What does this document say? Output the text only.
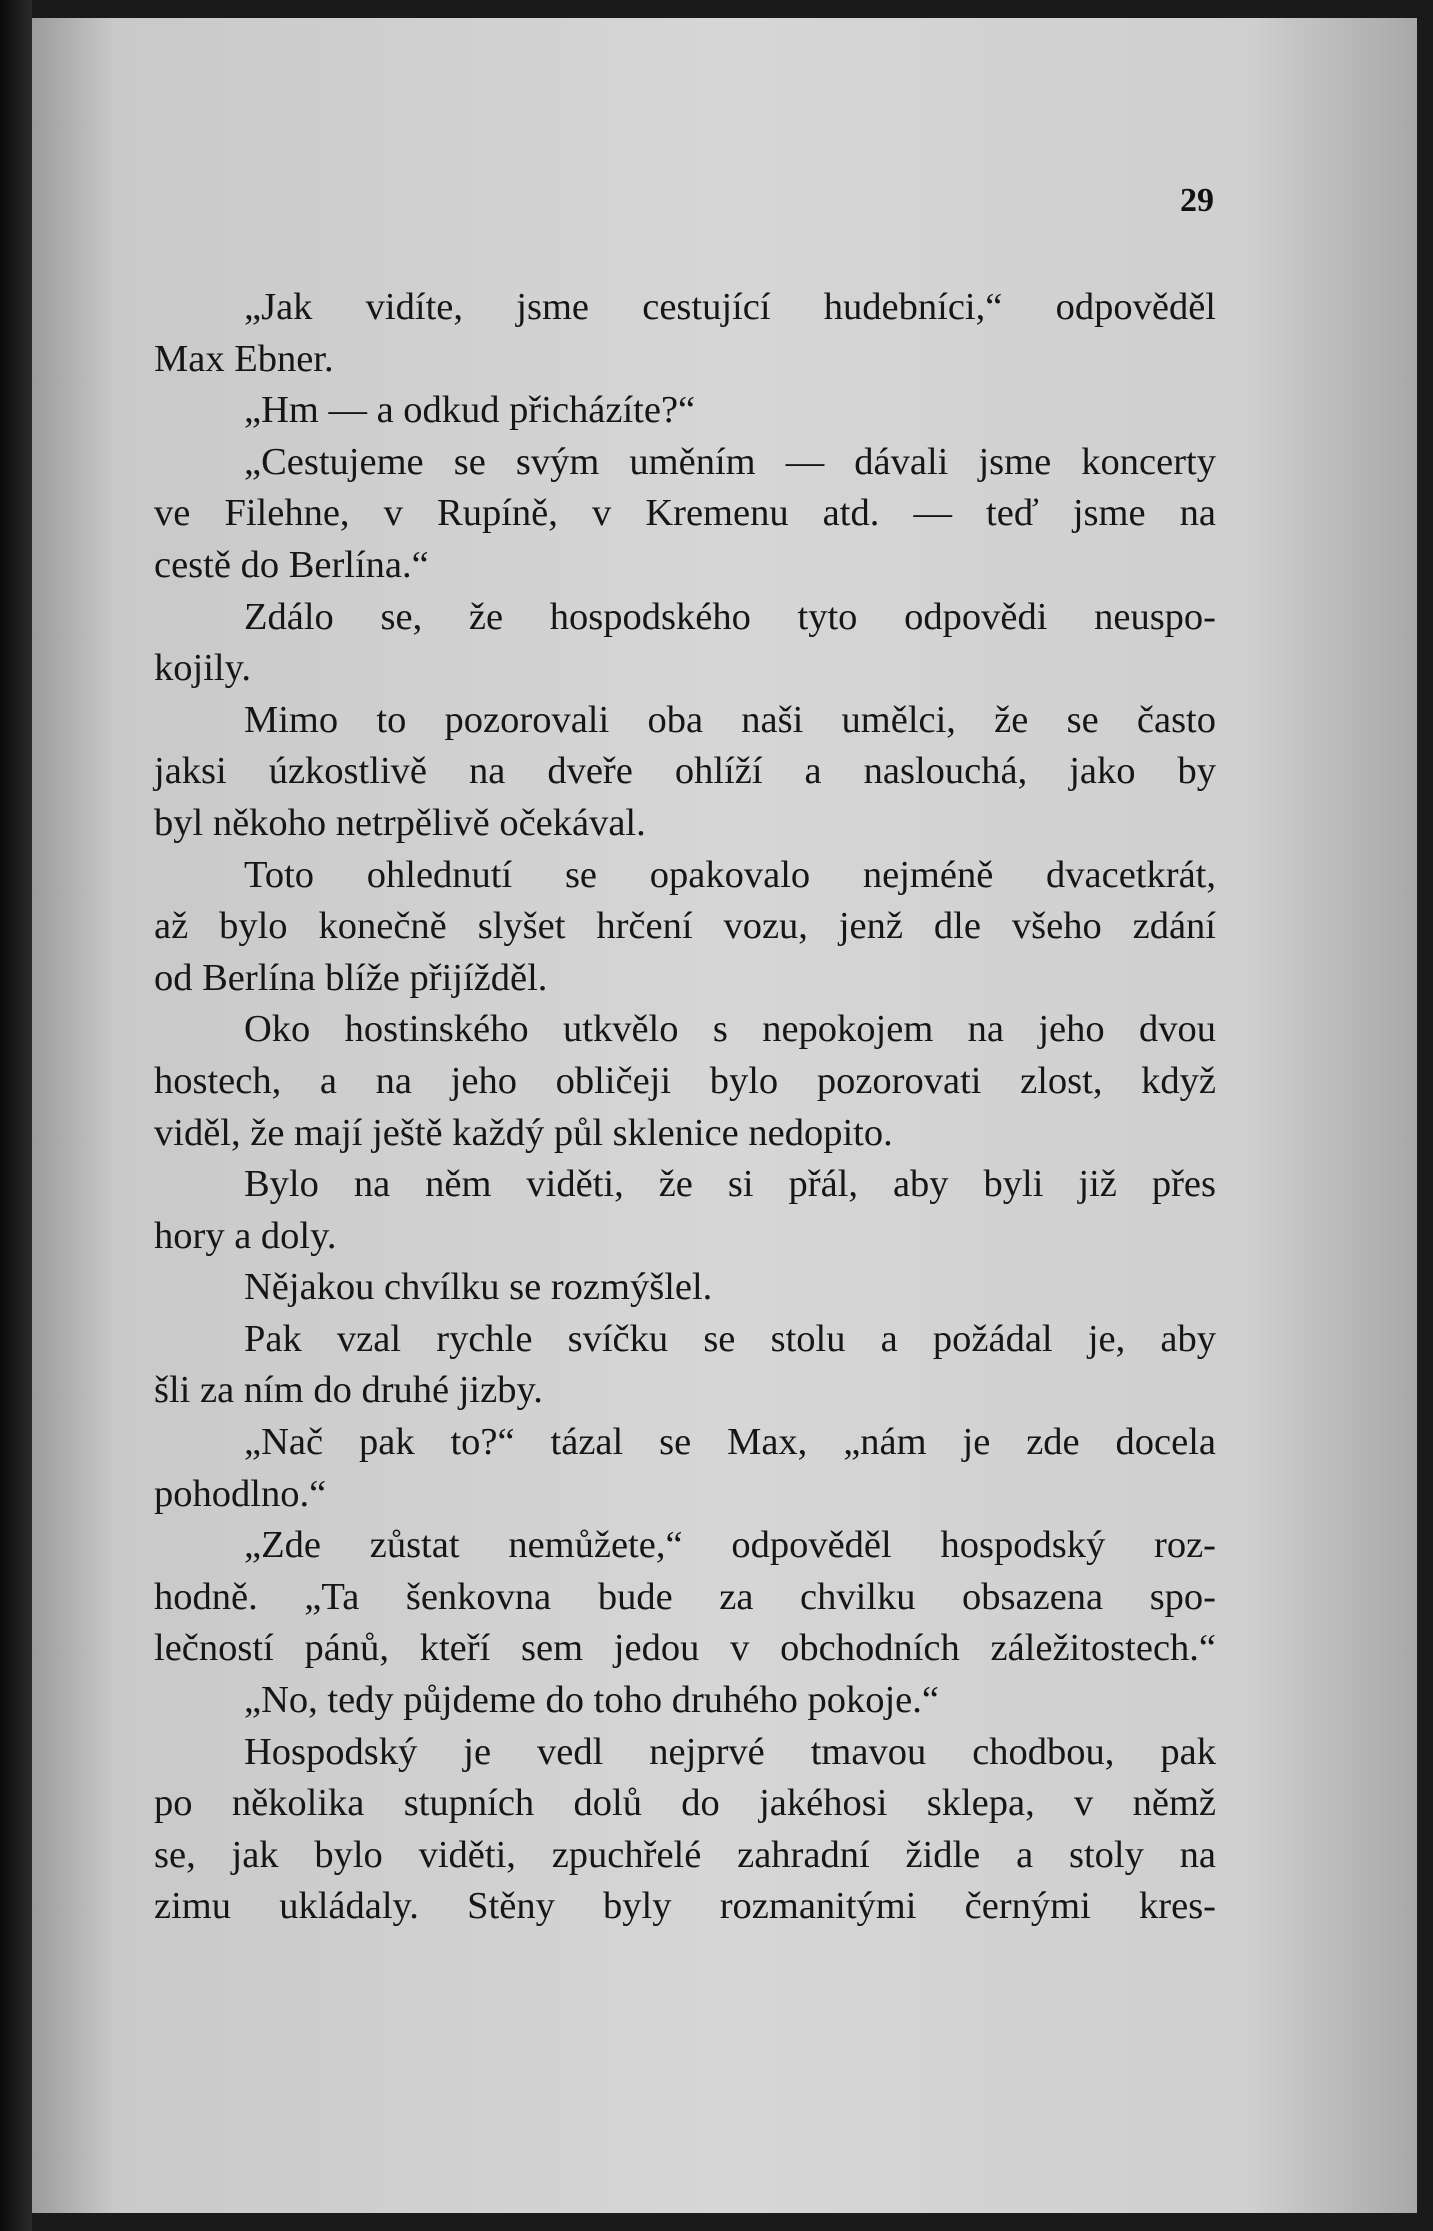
29
„Jak vidíte, jsme cestující hudebníci,“ odpověděl
Max Ebner.
„Hm — a odkud přicházíte?“
„Cestujeme se svým uměním — dávali jsme koncerty
ve Filehne, v Rupíně, v Kremenu atd. — teď jsme na
cestě do Berlína.“
Zdálo se, že hospodského tyto odpovědi neuspo-
kojily.
Mimo to pozorovali oba naši umělci, že se často
jaksi úzkostlivě na dveře ohlíží a naslouchá, jako by
byl někoho netrpělivě očekával.
Toto ohlednutí se opakovalo nejméně dvacetkrát,
až bylo konečně slyšet hrčení vozu, jenž dle všeho zdání
od Berlína blíže přijížděl.
Oko hostinského utkvělo s nepokojem na jeho dvou
hostech, a na jeho obličeji bylo pozorovati zlost, když
viděl, že mají ještě každý půl sklenice nedopito.
Bylo na něm viděti, že si přál, aby byli již přes
hory a doly.
Nějakou chvílku se rozmýšlel.
Pak vzal rychle svíčku se stolu a požádal je, aby
šli za ním do druhé jizby.
„Nač pak to?“ tázal se Max, „nám je zde docela
pohodlno.“
„Zde zůstat nemůžete,“ odpověděl hospodský roz-
hodně. „Ta šenkovna bude za chvilku obsazena spo-
lečností pánů, kteří sem jedou v obchodních záležitostech.“
„No, tedy půjdeme do toho druhého pokoje.“
Hospodský je vedl nejprvé tmavou chodbou, pak
po několika stupních dolů do jakéhosi sklepa, v němž
se, jak bylo viděti, zpuchřelé zahradní židle a stoly na
zimu ukládaly. Stěny byly rozmanitými černými kres-
